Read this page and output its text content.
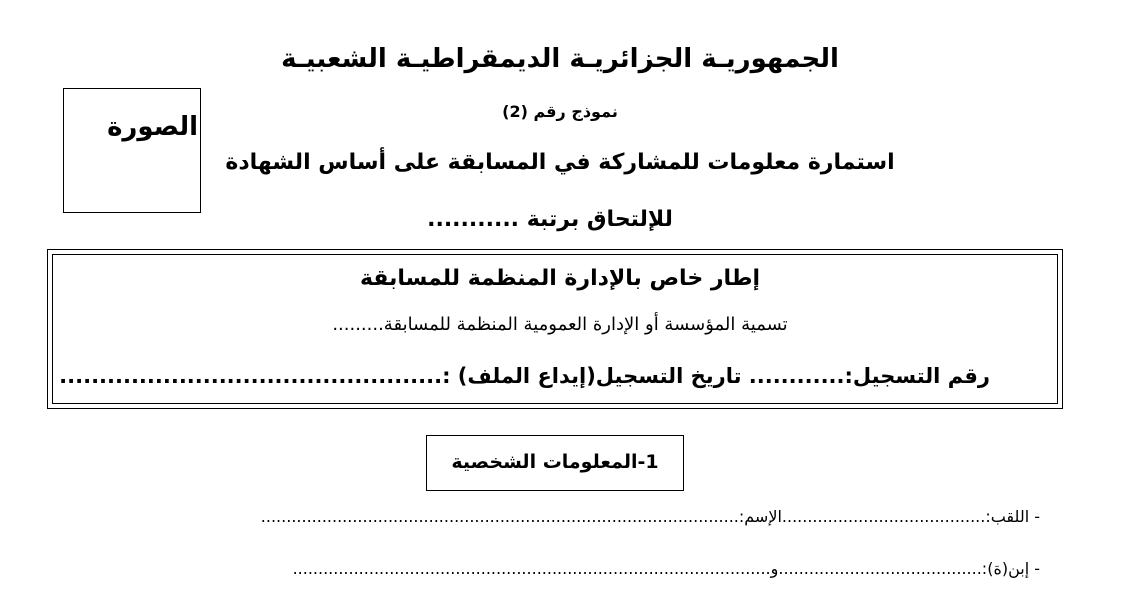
الجمهوريـة الجزائريـة الديمقراطيـة الشعبيـة
نموذج رقم (2)
الصورة
استمارة معلومات للمشاركة في المسابقة على أساس الشهادة
للإلتحاق برتبة ...........
إطار خاص بالإدارة المنظمة للمسابقة
تسمية المؤسسة أو الإدارة العمومية المنظمة للمسابقة.........
رقم التسجيل:............ تاريخ التسجيل(إيداع الملف) :................................................
1-المعلومات الشخصية
- اللقب:........................................الإسم:..............................................................................................
- إبن(ة):........................................و..............................................................................................
